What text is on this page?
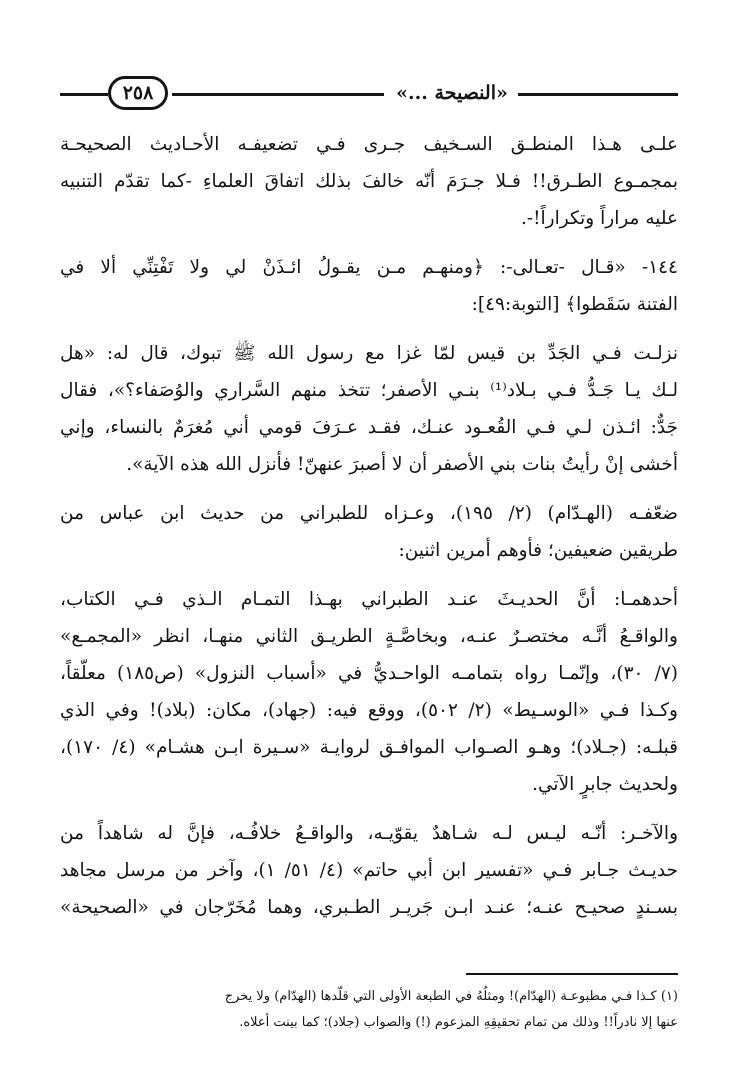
٢٥٨	«النصيحة ...»

علـى هـذا المنطـق السـخيف جـرى فـي تضعيفـه الأحـاديث الصحيحـة
بمجمـوع الطـرق!! فـلا جـرَمَ أنّه خالفَ بذلك اتفاقَ العلماءِ -كما تقدّم التنبيه
عليه مراراً وتكراراً!-.

١٤٤- «قـال -تعـالى-: ﴿ومنهـم مـن يقـولُ ائـذَنْ لي ولا تَفْتِنِّي ألا في
الفتنة سَقَطوا﴾ [التوبة:٤٩]:

نزلـت فـي الجَدِّ بن قيس لمّا غزا مع رسول الله ﷺ تبوك، قال له: «هل
لـك يـا جَـدُّ فـي بـلاد⁽¹⁾ بنـي الأصفر؛ تتخذ منهم السَّراري والوُصَفاء؟»، فقال
جَدٌّ: ائـذن لـي فـي القُعـود عنـك، فقـد عـرَفَ قومي أني مُغرَمٌ بالنساء، وإني
أخشى إنْ رأيتُ بنات بني الأصفر أن لا أصبرَ عنهنّ! فأنزل الله هذه الآية».

ضعّفـه (الهـدّام) (٢/ ١٩٥)، وعـزاه للطبراني من حديث ابن عباس من
طريقين ضعيفين؛ فأوهم أمرين اثنين:

أحدهمـا: أنَّ الحديـثَ عنـد الطبراني بهـذا التمـام الـذي فـي الكتاب،
والواقـعُ أنَّـه مختصـرٌ عنـه، وبخاصَّـةٍ الطريـق الثاني منهـا، انظر «المجمـع»
(٧/ ٣٠)، وإنّمـا رواه بتمامـه الواحـديُّ في «أسباب النزول» (ص١٨٥) معلّقاً،
وكـذا فـي «الوسـيط» (٢/ ٥٠٢)، ووقع فيه: (جهاد)، مكان: (بلاد)! وفي الذي
قبلـه: (جـلاد)؛ وهـو الصـواب الموافـق لروايـة «سـيرة ابـن هشـام» (٤/ ١٧٠)،
ولحديث جابرٍ الآتي.

والآخـر: أنّـه ليـس لـه شـاهدٌ يقوّيـه، والواقـعُ خلافُـه، فإنَّ له شاهداً من
حديـث جـابر فـي «تفسير ابن أبي حاتم» (٤/ ٥١/ ١)، وآخر من مرسل مجاهد
بسـندٍ صحيـح عنـه؛ عنـد ابـن جَريـر الطـبري، وهما مُخَرّجان في «الصحيحة»

(١) كـذا فـي مطبوعـة (الهدّام)! ومثلُهُ في الطبعة الأولى التي قلّدها (الهدّام) ولا يخرج
عنها إلا نادراً!! وذلك من تمام تحقيقِهِ المزعوم (!) والصواب (جلاد)؛ كما بينت أعلاه.
